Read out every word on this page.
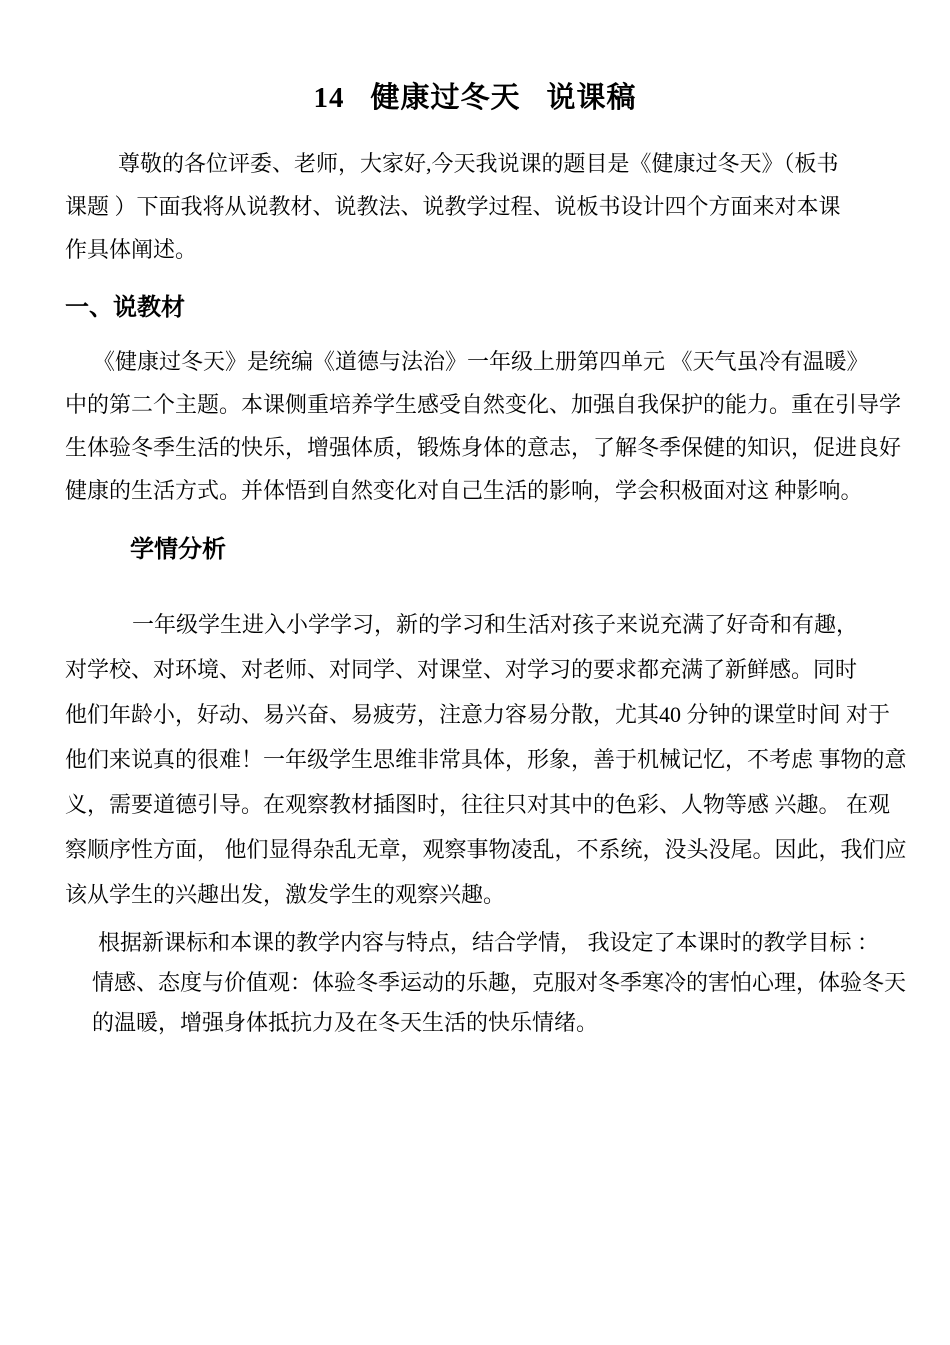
14 健康过冬天 说课稿
尊敬的各位评委、老师，大家好,今天我说课的题目是《健康过冬天》（板书
课题 ）下面我将从说教材、说教法、说教学过程、说板书设计四个方面来对本课
作具体阐述。
一、说教材
《健康过冬天》是统编《道德与法治》一年级上册第四单元 《天气虽冷有温暖》
中的第二个主题。本课侧重培养学生感受自然变化、加强自我保护的能力。重在引导学
生体验冬季生活的快乐，增强体质，锻炼身体的意志，了解冬季保健的知识，促进良好
健康的生活方式。并体悟到自然变化对自己生活的影响，学会积极面对这 种影响。
学情分析
一年级学生进入小学学习，新的学习和生活对孩子来说充满了好奇和有趣，
对学校、对环境、对老师、对同学、对课堂、对学习的要求都充满了新鲜感。同时
他们年龄小，好动、易兴奋、易疲劳，注意力容易分散，尤其40 分钟的课堂时间 对于
他们来说真的很难！一年级学生思维非常具体，形象，善于机械记忆，不考虑 事物的意
义，需要道德引导。在观察教材插图时，往往只对其中的色彩、人物等感 兴趣。 在观
察顺序性方面， 他们显得杂乱无章，观察事物凌乱，不系统，没头没尾。因此，我们应
该从学生的兴趣出发，激发学生的观察兴趣。
根据新课标和本课的教学内容与特点，结合学情， 我设定了本课时的教学目标 ：
情感、态度与价值观：体验冬季运动的乐趣，克服对冬季寒冷的害怕心理，体验冬天
的温暖，增强身体抵抗力及在冬天生活的快乐情绪。
